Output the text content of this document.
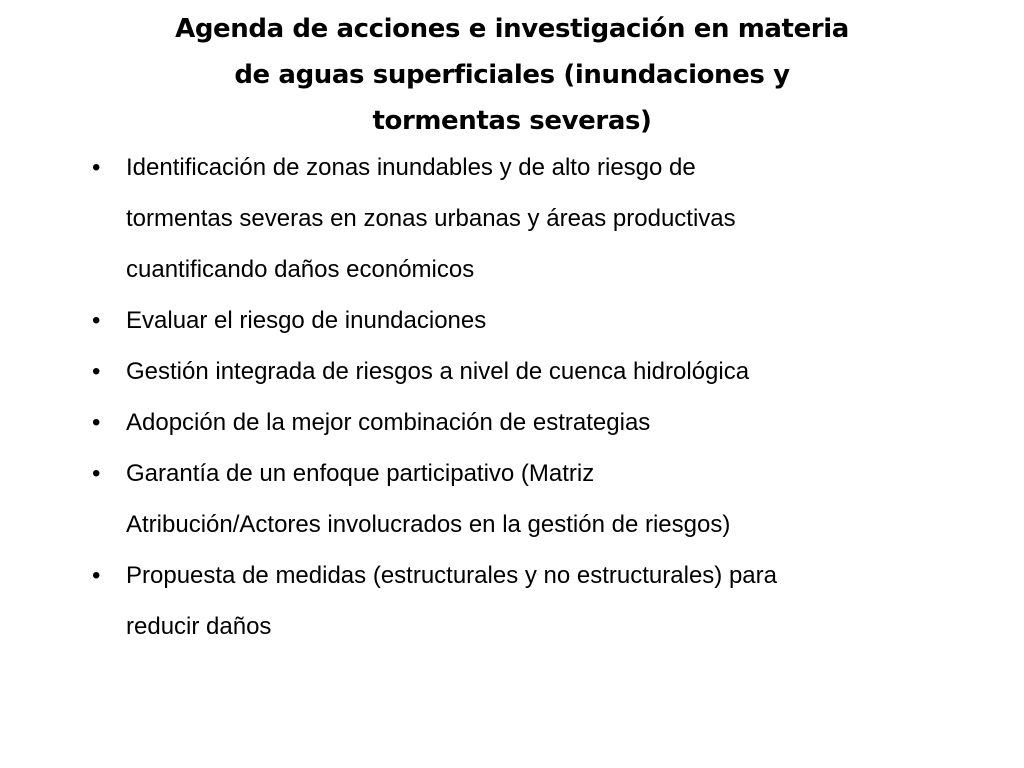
Agenda de acciones e investigación en materia
de aguas superficiales (inundaciones y
tormentas severas)
•	Identificación de zonas inundables y de alto riesgo de
tormentas severas en zonas urbanas y áreas productivas
cuantificando daños económicos
•	Evaluar el riesgo de inundaciones
•	Gestión integrada de riesgos a nivel de cuenca hidrológica
•	Adopción de la mejor combinación de estrategias
•	Garantía de un enfoque participativo (Matriz
Atribución/Actores involucrados en la gestión de riesgos)
•	Propuesta de medidas (estructurales y no estructurales) para
reducir daños
